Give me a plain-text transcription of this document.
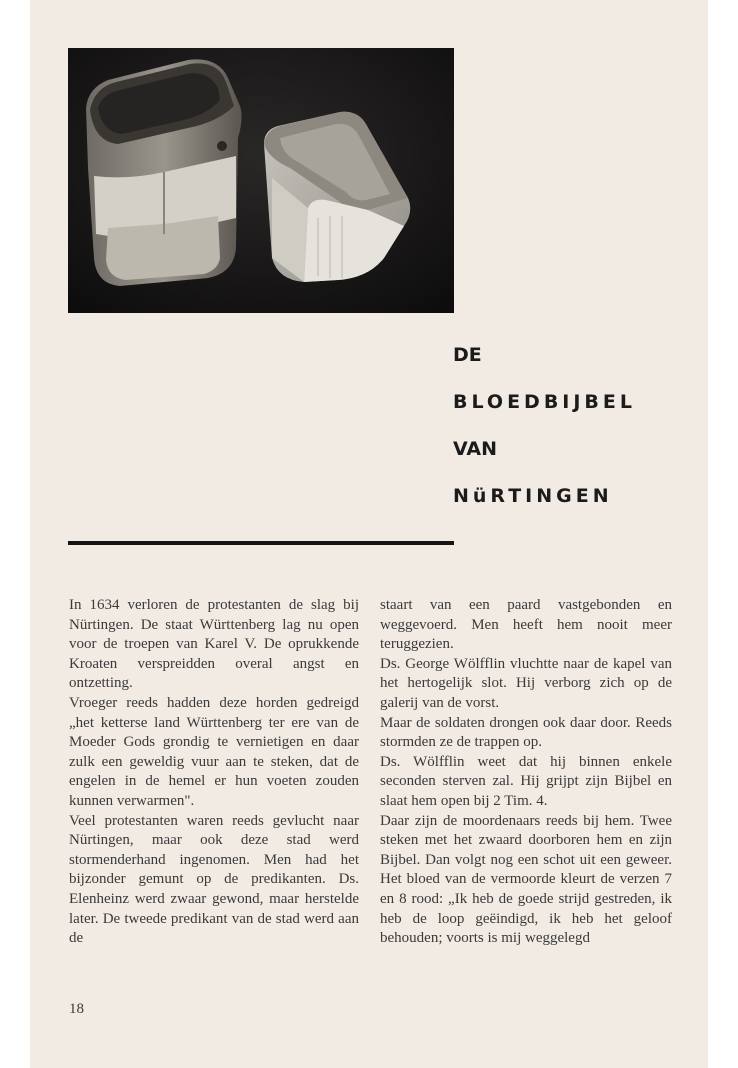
DE
BLOEDBIJBEL
VAN
NüRTINGEN

In 1634 verloren de protestanten de slag bij Nürtingen. De staat Württenberg lag nu open voor de troepen van Karel V. De oprukkende Kroaten verspreidden overal angst en ontzetting.

Vroeger reeds hadden deze horden gedreigd „het ketterse land Württenberg ter ere van de Moeder Gods grondig te vernietigen en daar zulk een geweldig vuur aan te steken, dat de engelen in de hemel er hun voeten zouden kunnen verwarmen".

Veel protestanten waren reeds gevlucht naar Nürtingen, maar ook deze stad werd stormenderhand ingenomen. Men had het bijzonder gemunt op de predikanten. Ds. Elenheinz werd zwaar gewond, maar herstelde later. De tweede predikant van de stad werd aan de

staart van een paard vastgebonden en weggevoerd. Men heeft hem nooit meer teruggezien.

Ds. George Wölfflin vluchtte naar de kapel van het hertogelijk slot. Hij verborg zich op de galerij van de vorst.

Maar de soldaten drongen ook daar door. Reeds stormden ze de trappen op.

Ds. Wölfflin weet dat hij binnen enkele seconden sterven zal. Hij grijpt zijn Bijbel en slaat hem open bij 2 Tim. 4.

Daar zijn de moordenaars reeds bij hem. Twee steken met het zwaard doorboren hem en zijn Bijbel. Dan volgt nog een schot uit een geweer. Het bloed van de vermoorde kleurt de verzen 7 en 8 rood: „Ik heb de goede strijd gestreden, ik heb de loop geëindigd, ik heb het geloof behouden; voorts is mij weggelegd

18
